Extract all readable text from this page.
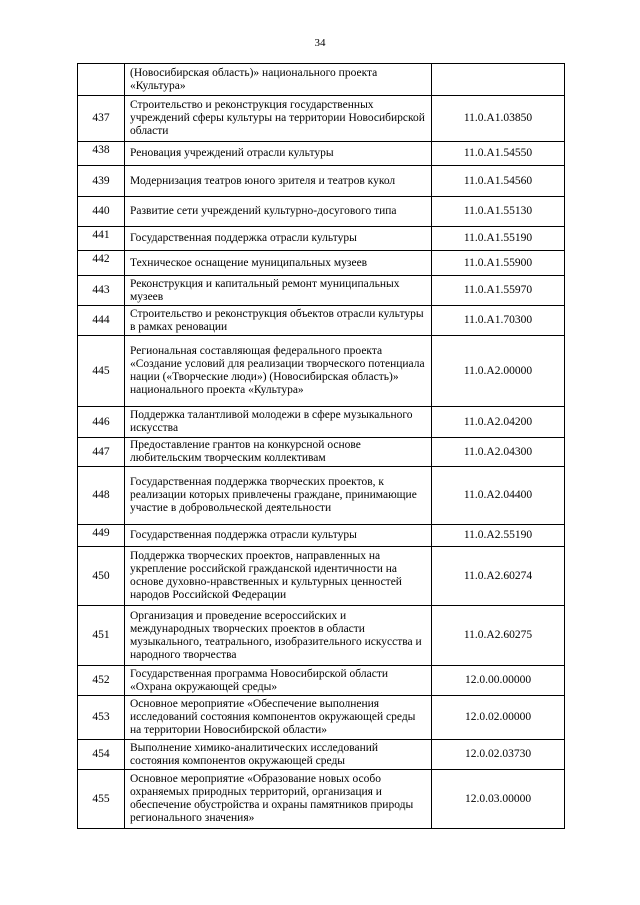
34
	(Новосибирская область)» национального проекта «Культура»	
437	Строительство и реконструкция государственных учреждений сферы культуры на территории Новосибирской области	11.0.А1.03850
438	Реновация учреждений отрасли культуры	11.0.А1.54550
439	Модернизация театров юного зрителя и театров кукол	11.0.А1.54560
440	Развитие сети учреждений культурно-досугового типа	11.0.А1.55130
441	Государственная поддержка отрасли культуры	11.0.А1.55190
442	Техническое оснащение муниципальных музеев	11.0.А1.55900
443	Реконструкция и капитальный ремонт муниципальных музеев	11.0.А1.55970
444	Строительство и реконструкция объектов отрасли культуры в рамках реновации	11.0.А1.70300
445	Региональная составляющая федерального проекта «Создание условий для реализации творческого потенциала нации («Творческие люди») (Новосибирская область)» национального проекта «Культура»	11.0.А2.00000
446	Поддержка талантливой молодежи в сфере музыкального искусства	11.0.А2.04200
447	Предоставление грантов на конкурсной основе любительским творческим коллективам	11.0.А2.04300
448	Государственная поддержка творческих проектов, к реализации которых привлечены граждане, принимающие участие в добровольческой деятельности	11.0.А2.04400
449	Государственная поддержка отрасли культуры	11.0.А2.55190
450	Поддержка творческих проектов, направленных на укрепление российской гражданской идентичности на основе духовно-нравственных и культурных ценностей народов Российской Федерации	11.0.А2.60274
451	Организация и проведение всероссийских и международных творческих проектов в области музыкального, театрального, изобразительного искусства и народного творчества	11.0.А2.60275
452	Государственная программа Новосибирской области «Охрана окружающей среды»	12.0.00.00000
453	Основное мероприятие «Обеспечение выполнения исследований состояния компонентов окружающей среды на территории Новосибирской области»	12.0.02.00000
454	Выполнение химико-аналитических исследований состояния компонентов окружающей среды	12.0.02.03730
455	Основное мероприятие «Образование новых особо охраняемых природных территорий, организация и обеспечение обустройства и охраны памятников природы регионального значения»	12.0.03.00000
